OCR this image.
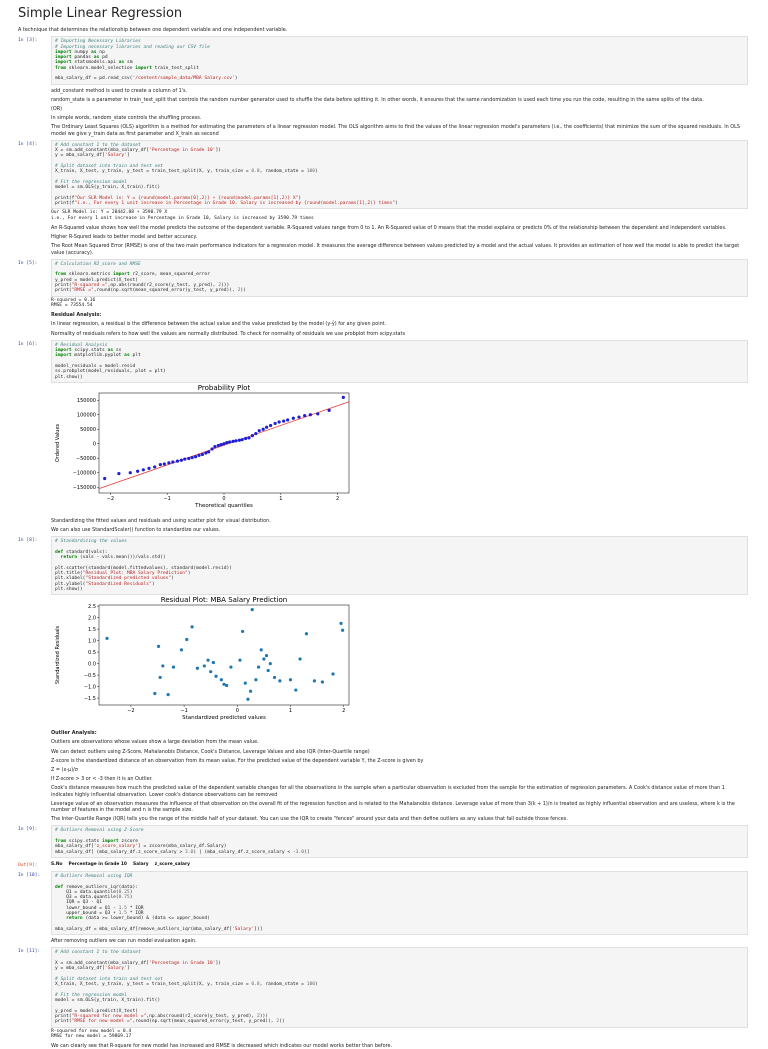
Simple Linear Regression
A technique that determines the relationship between one dependent variable and one independent variable.
In [3]:	# Importing Necessary Libraries
# Importing necessary libraries and reading our CSV file
import numpy as np
import pandas as pd
import statsmodels.api as sm
from sklearn.model_selection import train_test_split

mba_salary_df = pd.read_csv('/content/sample_data/MBA Salary.csv')
add_constant method is used to create a column of 1's.
random_state is a parameter in train_test_split that controls the random number generator used to shuffle the data before splitting it. In other words, it ensures that the same randomization is used each time you run the code, resulting in the same splits of the data.
(OR)
In simple words, random_state controls the shuffling process.
The Ordinary Least Squares (OLS) algorithm is a method for estimating the parameters of a linear regression model. The OLS algorithm aims to find the values of the linear regression model's parameters (i.e., the coefficients) that minimize the sum of the squared residuals. In OLS model we give y_train data as first parameter and X_train as second
In [4]:	# Add constant 1 to the dataset
X = sm.add_constant(mba_salary_df['Percentage in Grade 10'])
y = mba_salary_df['Salary']

# Split dataset into train and test set
X_train, X_test, y_train, y_test = train_test_split(X, y, train_size = 0.8, random_state = 100)

# Fit the regression model
model = sm.OLS(y_train, X_train).fit()

print(f"Our SLR Model is: Y = {round(model.params[0],2)} + {round(model.params[1],2)} X")
print(f"i.e., For every 1 unit increase in Percentage in Grade 10, Salary is increased by {round(model.params[1],2)} times")
Our SLR Model is: Y = 28442.88 + 3590.79 X
i.e., For every 1 unit increase in Percentage in Grade 10, Salary is increased by 3590.79 times
An R-Squared value shows how well the model predicts the outcome of the dependent variable. R-Squared values range from 0 to 1. An R-Squared value of 0 means that the model explains or predicts 0% of the relationship between the dependent and independent variables.
Higher R-Squred leads to better model and better accuracy.
The Root Mean Squared Error (RMSE) is one of the two main performance indicators for a regression model. It measures the average difference between values predicted by a model and the actual values. It provides an estimation of how well the model is able to predict the target value (accuracy).
In [5]:	# Calculation R2_score and RMSE

from sklearn.metrics import r2_score, mean_squared_error
y_pred = model.predict(X_test)
print("R-squared =",np.abs(round(r2_score(y_test, y_pred), 2)))
print("RMSE =",round(np.sqrt(mean_squared_error(y_test, y_pred)), 2))
R-squared = 0.16
RMSE = 73554.54
Residual Analysis:
In linear regression, a residual is the difference between the actual value and the value predicted by the model (y-ŷ) for any given point.
Normality of residuals refers to how well the values are normally distributed. To check for normality of residuals we use probplot from scipy.stats
In [6]:	# Residual Analysis
import scipy.stats as ss
import matplotlib.pyplot as plt

model_residuals = model.resid
ss.probplot(model_residuals, plot = plt)
plt.show()
Probability Plot
−2	−1	0	1	2
−150000
−100000
−50000
0
50000
100000
150000
Theoretical quantiles
Ordered Values
Standardizing the fitted values and residuals and using scatter plot for visual distribution.
We can also use StandardScaler() function to standardize our values.
In [8]:	# Standardizing the values

def standard(vals):
return (vals - vals.mean())/vals.std()

plt.scatter(standard(model.fittedvalues), standard(model.resid))
plt.title("Residual Plot: MBA Salary Prediction")
plt.xlabel("Standardized predicted values")
plt.ylabel("Standardized Residuals")
plt.show()
Residual Plot: MBA Salary Prediction
−2	−1	0	1	2
−1.5
−1.0
−0.5
0.0
0.5
1.0
1.5
2.0
2.5
Standardized predicted values
Standardized Residuals
Outlier Analysis:
Outliers are observations whose values show a large deviation from the mean value.
We can detect outliers using Z-Score, Mahalanobis Distance, Cook's Distance, Leverage Values and also IQR (Inter-Quartile range)
Z-score is the standardized distance of an observation from its mean value. For the predicted value of the dependent variable Y, the Z-score is given by
Z = (x-μ)/σ
If Z-score > 3 or < -3 then it is an Outlier.
Cook's distance measures how much the predicted value of the dependent variable changes for all the observations in the sample when a particular observation is excluded from the sample for the estimation of regression parameters. A Cook's distance value of more than 1 indicates highly influential observation. Lower cook's distance observations can be removed
Leverage value of an observation measures the influence of that observation on the overall fit of the regression function and is related to the Mahalanobis distance. Leverage value of more than 3(k + 1)/n is treated as highly influential observation and are useless, where k is the number of features in the model and n is the sample size.
The Inter-Quartile Range (IQR) tells you the range of the middle half of your dataset. You can use the IQR to create "fences" around your data and then define outliers as any values that fall outside those fences.
In [9]:	# Outliers Removal using Z-Score

from scipy.stats import zscore
mba_salary_df['z_score_salary'] = zscore(mba_salary_df.Salary)
mba_salary_df[ (mba_salary_df.z_score_salary > 3.0) | (mba_salary_df.z_score_salary < -3.0)]
Out[9]:	S.No Percentage in Grade 10 Salary z_score_salary
In [10]:	# Outliers Removal using IQR

def remove_outliers_iqr(data):
Q1 = data.quantile(0.25)
Q3 = data.quantile(0.75)
IQR = Q3 - Q1
lower_bound = Q1 - 1.5 * IQR
upper_bound = Q3 + 1.5 * IQR
return (data >= lower_bound) & (data <= upper_bound)

mba_salary_df = mba_salary_df[remove_outliers_iqr(mba_salary_df['Salary'])]
After removing outliers we can run model evaluation again.
In [11]:	# Add constant 1 to the dataset

X = sm.add_constant(mba_salary_df['Percentage in Grade 10'])
y = mba_salary_df['Salary']

# Split dataset into train and test set
X_train, X_test, y_train, y_test = train_test_split(X, y, train_size = 0.8, random_state = 100)

# Fit the regression model
model = sm.OLS(y_train, X_train).fit()

y_pred = model.predict(X_test)
print("R-squared for new model =",np.abs(round(r2_score(y_test, y_pred), 2)))
print("RMSE for new model =",round(np.sqrt(mean_squared_error(y_test, y_pred)), 2))
R-squared for new model = 0.4
RMSE for new model = 59869.17
We can clearly see that R-square for new model has increased and RMSE is decreased which indicates our model works better than before.
